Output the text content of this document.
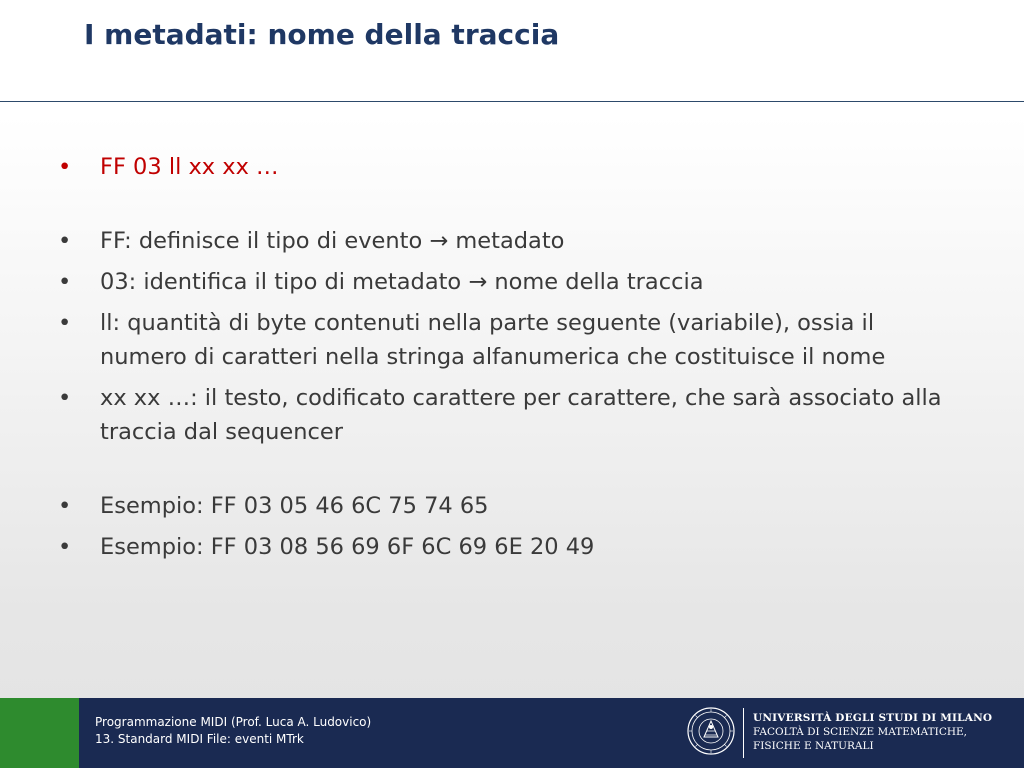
I metadati: nome della traccia
• FF 03 ll xx xx …
• FF: definisce il tipo di evento → metadato
• 03: identifica il tipo di metadato → nome della traccia
• ll: quantità di byte contenuti nella parte seguente (variabile), ossia il numero di caratteri nella stringa alfanumerica che costituisce il nome
• xx xx …: il testo, codificato carattere per carattere, che sarà associato alla traccia dal sequencer
• Esempio: FF 03 05 46 6C 75 74 65
• Esempio: FF 03 08 56 69 6F 6C 69 6E 20 49
Programmazione MIDI (Prof. Luca A. Ludovico)
13. Standard MIDI File: eventi MTrk
UNIVERSITÀ DEGLI STUDI DI MILANO
FACOLTÀ DI SCIENZE MATEMATICHE,
FISICHE E NATURALI
